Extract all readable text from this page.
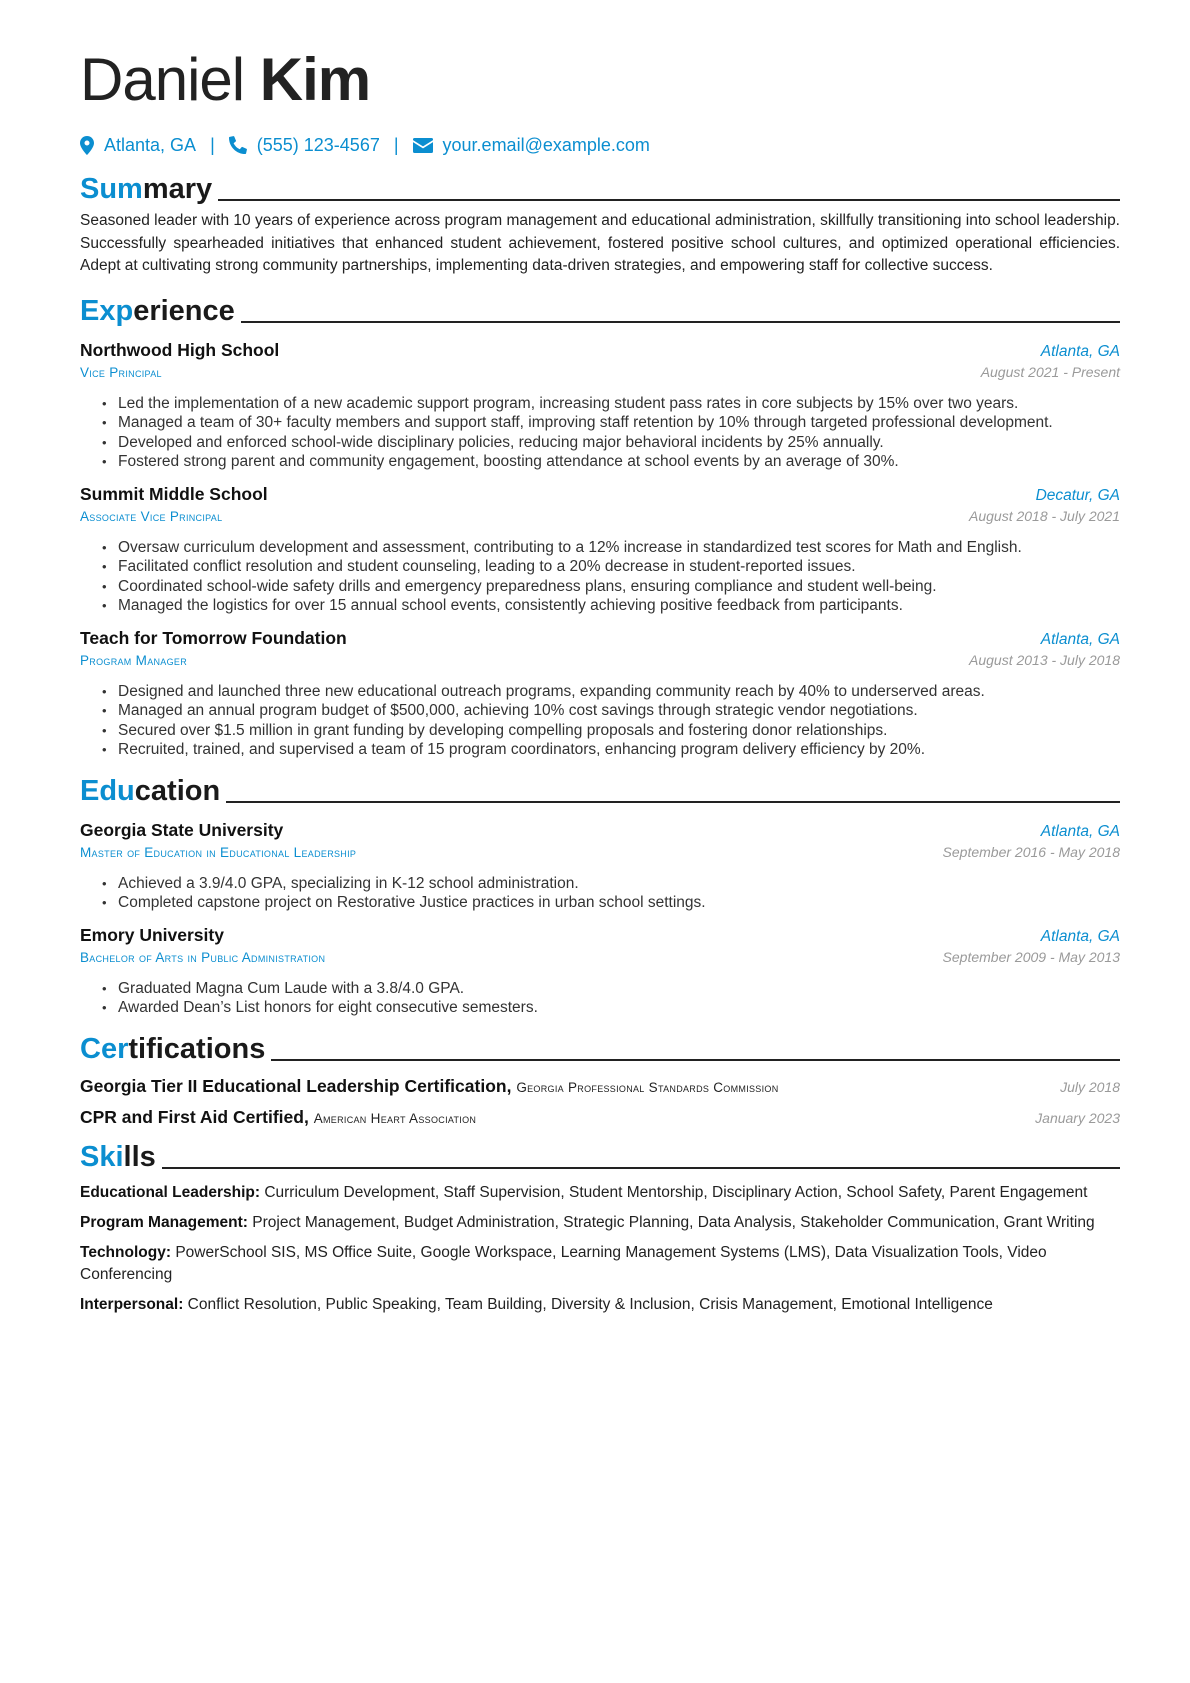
Daniel Kim
Atlanta, GA | (555) 123-4567 | your.email@example.com
Summary

Seasoned leader with 10 years of experience across program management and educational administration, skillfully transitioning into school leadership. Successfully spearheaded initiatives that enhanced student achievement, fostered positive school cultures, and optimized operational efficiencies. Adept at cultivating strong community partnerships, implementing data-driven strategies, and empowering staff for collective success.

Experience
Northwood High School	Atlanta, GA
Vice Principal	August 2021 - Present
• Led the implementation of a new academic support program, increasing student pass rates in core subjects by 15% over two years.
• Managed a team of 30+ faculty members and support staff, improving staff retention by 10% through targeted professional development.
• Developed and enforced school-wide disciplinary policies, reducing major behavioral incidents by 25% annually.
• Fostered strong parent and community engagement, boosting attendance at school events by an average of 30%.
Summit Middle School	Decatur, GA
Associate Vice Principal	August 2018 - July 2021
• Oversaw curriculum development and assessment, contributing to a 12% increase in standardized test scores for Math and English.
• Facilitated conflict resolution and student counseling, leading to a 20% decrease in student-reported issues.
• Coordinated school-wide safety drills and emergency preparedness plans, ensuring compliance and student well-being.
• Managed the logistics for over 15 annual school events, consistently achieving positive feedback from participants.
Teach for Tomorrow Foundation	Atlanta, GA
Program Manager	August 2013 - July 2018
• Designed and launched three new educational outreach programs, expanding community reach by 40% to underserved areas.
• Managed an annual program budget of $500,000, achieving 10% cost savings through strategic vendor negotiations.
• Secured over $1.5 million in grant funding by developing compelling proposals and fostering donor relationships.
• Recruited, trained, and supervised a team of 15 program coordinators, enhancing program delivery efficiency by 20%.
Education
Georgia State University	Atlanta, GA
Master of Education in Educational Leadership	September 2016 - May 2018
• Achieved a 3.9/4.0 GPA, specializing in K-12 school administration.
• Completed capstone project on Restorative Justice practices in urban school settings.
Emory University	Atlanta, GA
Bachelor of Arts in Public Administration	September 2009 - May 2013
• Graduated Magna Cum Laude with a 3.8/4.0 GPA.
• Awarded Dean’s List honors for eight consecutive semesters.
Certifications
Georgia Tier II Educational Leadership Certification, Georgia Professional Standards Commission	July 2018
CPR and First Aid Certified, American Heart Association	January 2023
Skills

Educational Leadership: Curriculum Development, Staff Supervision, Student Mentorship, Disciplinary Action, School Safety, Parent Engagement

Program Management: Project Management, Budget Administration, Strategic Planning, Data Analysis, Stakeholder Communication, Grant Writing

Technology: PowerSchool SIS, MS Office Suite, Google Workspace, Learning Management Systems (LMS), Data Visualization Tools, Video Conferencing

Interpersonal: Conflict Resolution, Public Speaking, Team Building, Diversity & Inclusion, Crisis Management, Emotional Intelligence
